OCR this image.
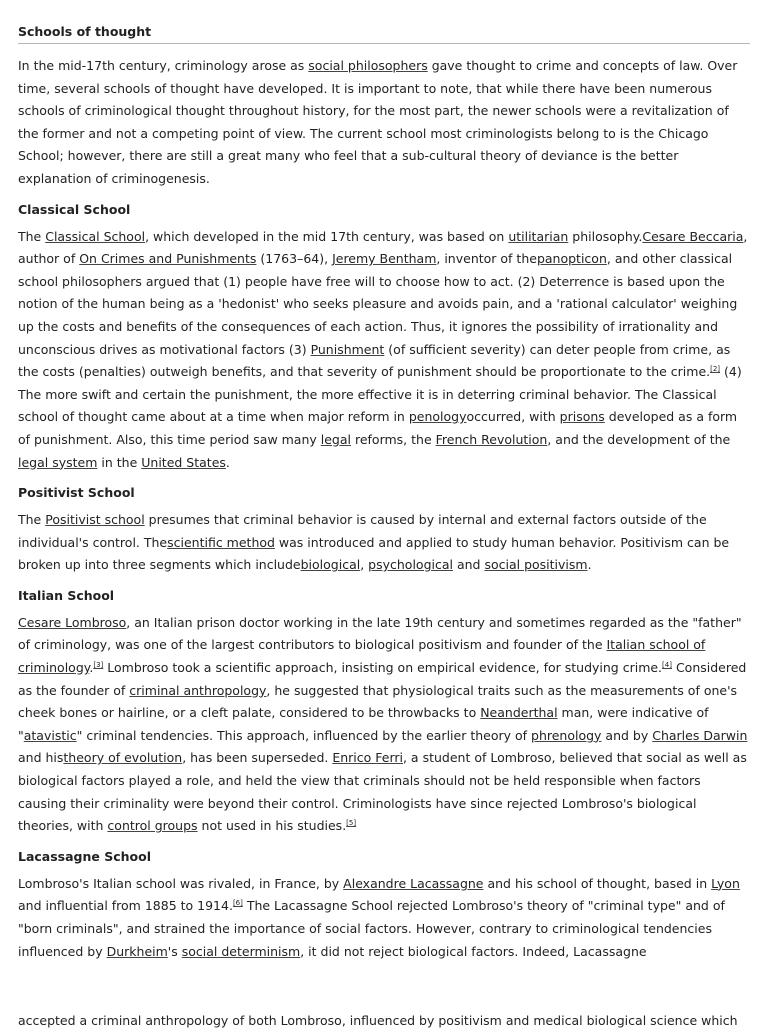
Schools of thought

In the mid-17th century, criminology arose as social philosophers gave thought to crime and concepts of law. Over time, several schools of thought have developed. It is important to note, that while there have been numerous schools of criminological thought throughout history, for the most part, the newer schools were a revitalization of the former and not a competing point of view. The current school most criminologists belong to is the Chicago School; however, there are still a great many who feel that a sub-cultural theory of deviance is the better explanation of criminogenesis.

Classical School

The Classical School, which developed in the mid 17th century, was based on utilitarian philosophy.Cesare Beccaria, author of On Crimes and Punishments (1763–64), Jeremy Bentham, inventor of thepanopticon, and other classical school philosophers argued that (1) people have free will to choose how to act. (2) Deterrence is based upon the notion of the human being as a 'hedonist' who seeks pleasure and avoids pain, and a 'rational calculator' weighing up the costs and benefits of the consequences of each action. Thus, it ignores the possibility of irrationality and unconscious drives as motivational factors (3) Punishment (of sufficient severity) can deter people from crime, as the costs (penalties) outweigh benefits, and that severity of punishment should be proportionate to the crime.[2] (4) The more swift and certain the punishment, the more effective it is in deterring criminal behavior. The Classical school of thought came about at a time when major reform in penologyoccurred, with prisons developed as a form of punishment. Also, this time period saw many legal reforms, the French Revolution, and the development of the legal system in the United States.

Positivist School

The Positivist school presumes that criminal behavior is caused by internal and external factors outside of the individual's control. Thescientific method was introduced and applied to study human behavior. Positivism can be broken up into three segments which includebiological, psychological and social positivism.

Italian School

Cesare Lombroso, an Italian prison doctor working in the late 19th century and sometimes regarded as the "father" of criminology, was one of the largest contributors to biological positivism and founder of the Italian school of criminology.[3] Lombroso took a scientific approach, insisting on empirical evidence, for studying crime.[4] Considered as the founder of criminal anthropology, he suggested that physiological traits such as the measurements of one's cheek bones or hairline, or a cleft palate, considered to be throwbacks to Neanderthal man, were indicative of "atavistic" criminal tendencies. This approach, influenced by the earlier theory of phrenology and by Charles Darwin and histheory of evolution, has been superseded. Enrico Ferri, a student of Lombroso, believed that social as well as biological factors played a role, and held the view that criminals should not be held responsible when factors causing their criminality were beyond their control. Criminologists have since rejected Lombroso's biological theories, with control groups not used in his studies.[5]

Lacassagne School

Lombroso's Italian school was rivaled, in France, by Alexandre Lacassagne and his school of thought, based in Lyon and influential from 1885 to 1914.[6] The Lacassagne School rejected Lombroso's theory of "criminal type" and of "born criminals", and strained the importance of social factors. However, contrary to criminological tendencies influenced by Durkheim's social determinism, it did not reject biological factors. Indeed, Lacassagne

accepted a criminal anthropology of both Lombroso, influenced by positivism and medical biological science which
